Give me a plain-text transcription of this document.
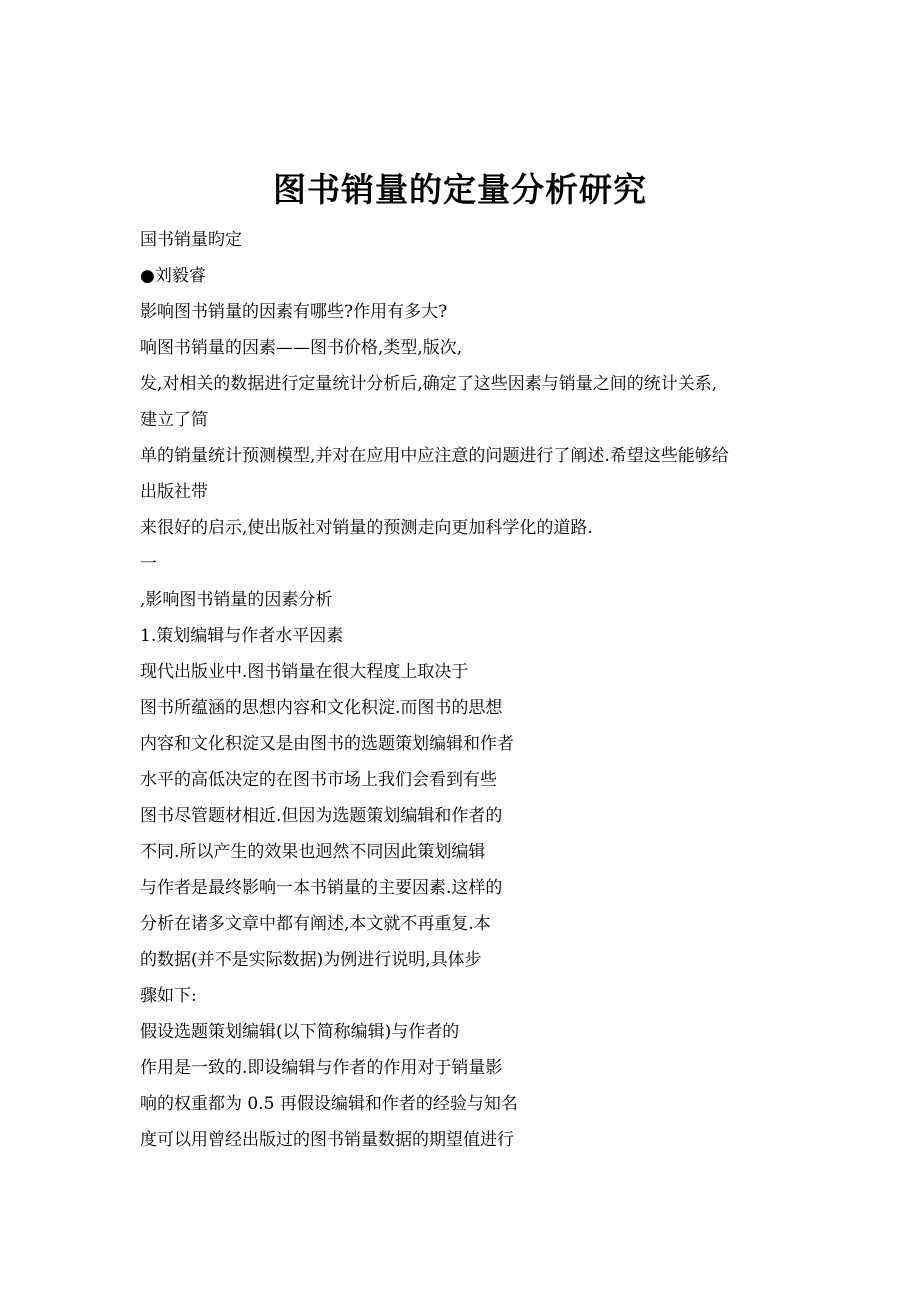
图书销量的定量分析研究
国书销量昀定
●刘毅睿
影响图书销量的因素有哪些?作用有多大?
响图书销量的因素——图书价格,类型,版次,
发,对相关的数据进行定量统计分析后,确定了这些因素与销量之间的统计关系,
建立了简
单的销量统计预测模型,并对在应用中应注意的问题进行了阐述.希望这些能够给
出版社带
来很好的启示,使出版社对销量的预测走向更加科学化的道路.
一
,影响图书销量的因素分析
1.策划编辑与作者水平因素
现代出版业中.图书销量在很大程度上取决于
图书所蕴涵的思想内容和文化积淀.而图书的思想
内容和文化积淀又是由图书的选题策划编辑和作者
水平的高低决定的在图书市场上我们会看到有些
图书尽管题材相近.但因为选题策划编辑和作者的
不同.所以产生的效果也迥然不同因此策划编辑
与作者是最终影响一本书销量的主要因素.这样的
分析在诸多文章中都有阐述,本文就不再重复.本
的数据(并不是实际数据)为例进行说明,具体步
骤如下:
假设选题策划编辑(以下简称编辑)与作者的
作用是一致的.即设编辑与作者的作用对于销量影
响的权重都为 0.5 再假设编辑和作者的经验与知名
度可以用曾经出版过的图书销量数据的期望值进行
